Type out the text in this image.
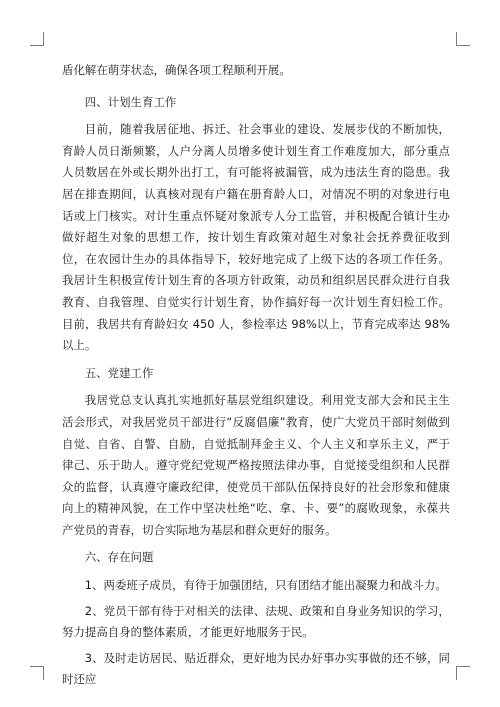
盾化解在萌芽状态，确保各项工程顺利开展。

四、计划生育工作

目前，随着我居征地、拆迁、社会事业的建设、发展步伐的不断加快，育龄人员日渐频繁，人户分离人员增多使计划生育工作难度加大，部分重点人员数居在外或长期外出打工，有可能将被漏管，成为违法生育的隐患。我居在排查期间，认真核对现有户籍在册育龄人口，对情况不明的对象进行电话或上门核实。对计生重点怀疑对象派专人分工监管，并积极配合镇计生办做好超生对象的思想工作，按计划生育政策对超生对象社会抚养费征收到位，在农园计生办的具体指导下，较好地完成了上级下达的各项工作任务。我居计生积极宣传计划生育的各项方针政策，动员和组织居民群众进行自我教育、自我管理、自觉实行计划生育，协作搞好每一次计划生育妇检工作。目前，我居共有育龄妇女 450 人，参检率达 98%以上，节育完成率达 98%以上。

五、党建工作

我居党总支认真扎实地抓好基层党组织建设。利用党支部大会和民主生活会形式，对我居党员干部进行“反腐倡廉”教育，使广大党员干部时刻做到自觉、自省、自警、自励，自觉抵制拜金主义、个人主义和享乐主义，严于律己、乐于助人。遵守党纪党规严格按照法律办事，自觉接受组织和人民群众的监督，认真遵守廉政纪律，使党员干部队伍保持良好的社会形象和健康向上的精神风貌，在工作中坚决杜绝“吃、拿、卡、要”的腐败现象，永葆共产党员的青春，切合实际地为基层和群众更好的服务。

六、存在问题

1、两委班子成员，有待于加强团结，只有团结才能出凝聚力和战斗力。

2、党员干部有待于对相关的法律、法规、政策和自身业务知识的学习，努力提高自身的整体素质，才能更好地服务于民。

3、及时走访居民、贴近群众，更好地为民办好事办实事做的还不够，同时还应
